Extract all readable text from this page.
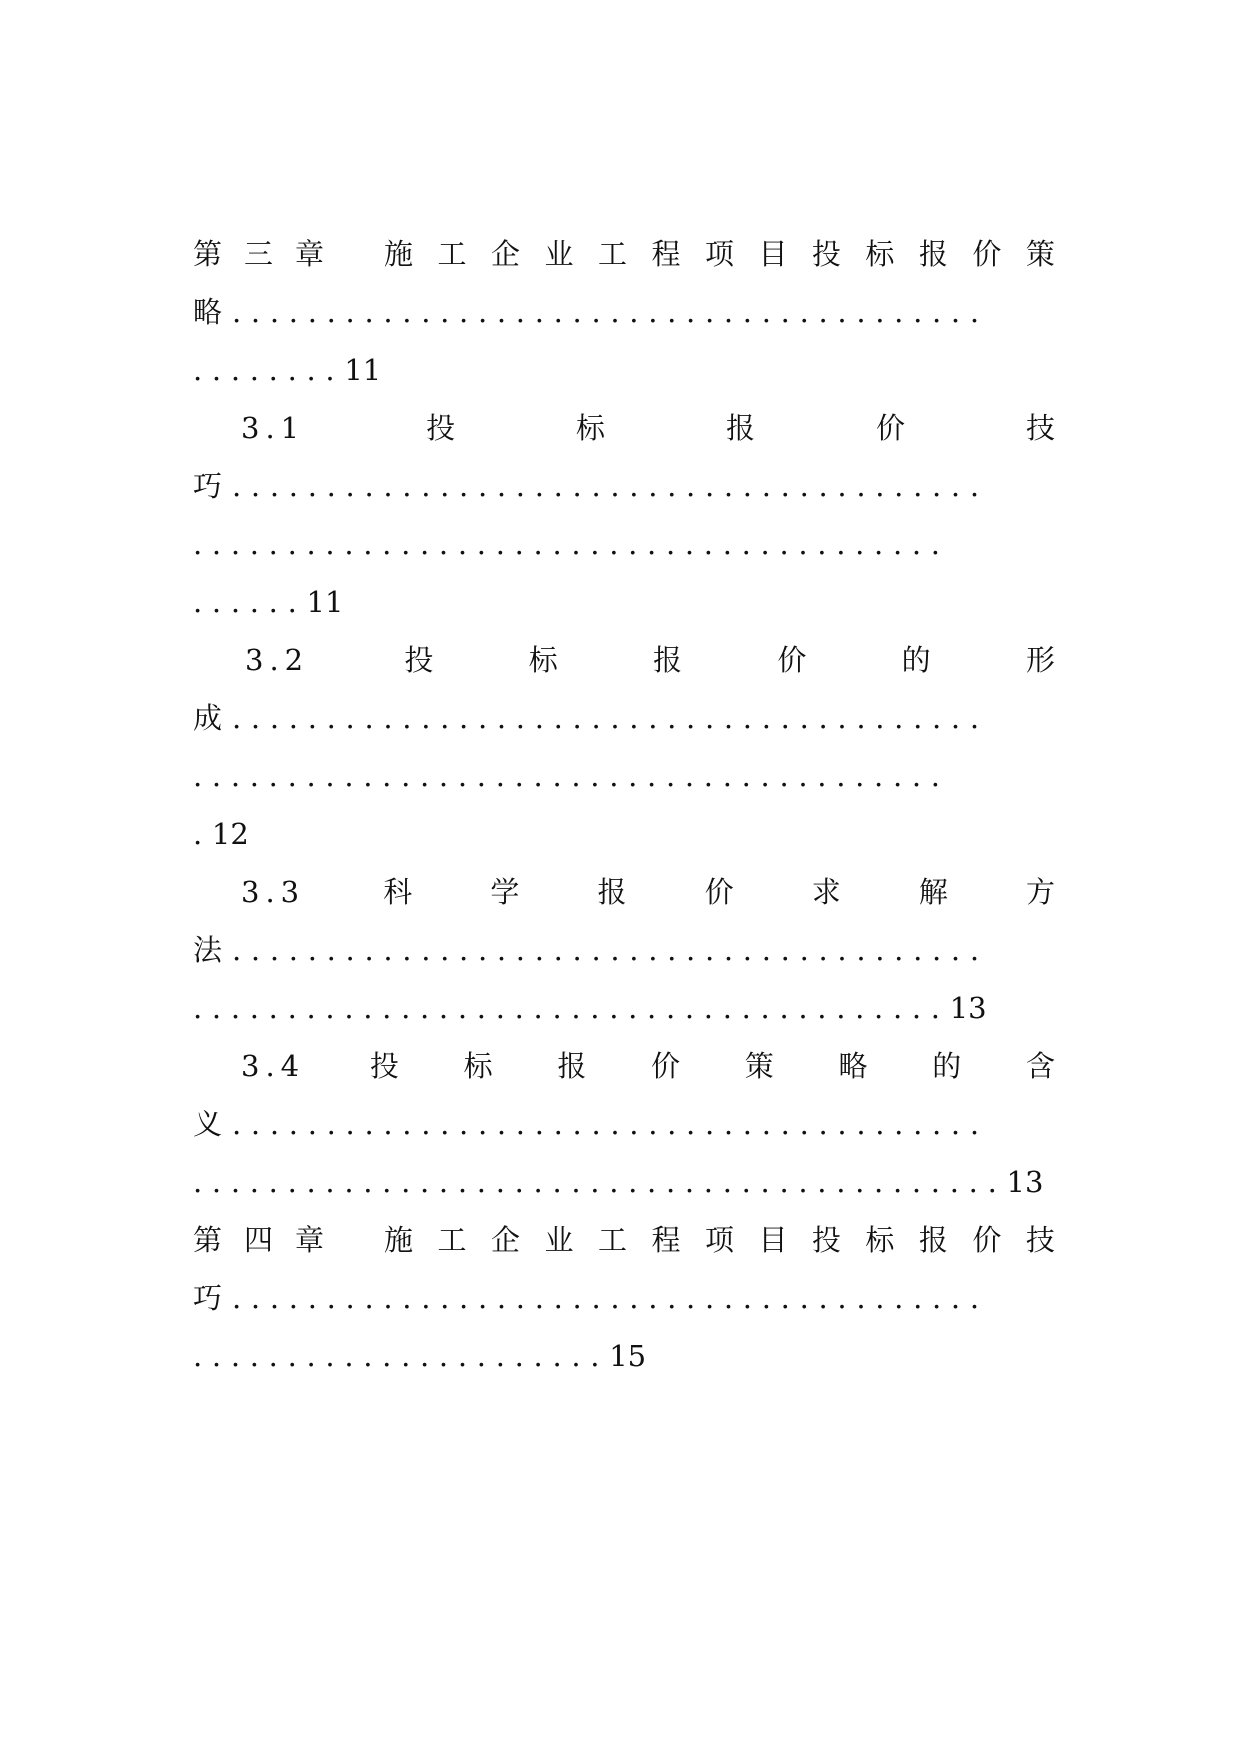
第 三 章 施 工 企 业 工 程 项 目 投 标 报 价 策
略 ........................................
........ 11
3.1	投	标	报	价	技
巧 ........................................
........................................
...... 11
3.2	投	标	报	价	的	形
成 ........................................
........................................
. 12
3.3	科	学	报	价	求	解	方
法 ........................................
........................................ 13
3.4 投 标 报 价 策 略 的 含
义 ........................................
........................................... 13
第 四 章 施 工 企 业 工 程 项 目 投 标 报 价 技
巧 ........................................
...................... 15
